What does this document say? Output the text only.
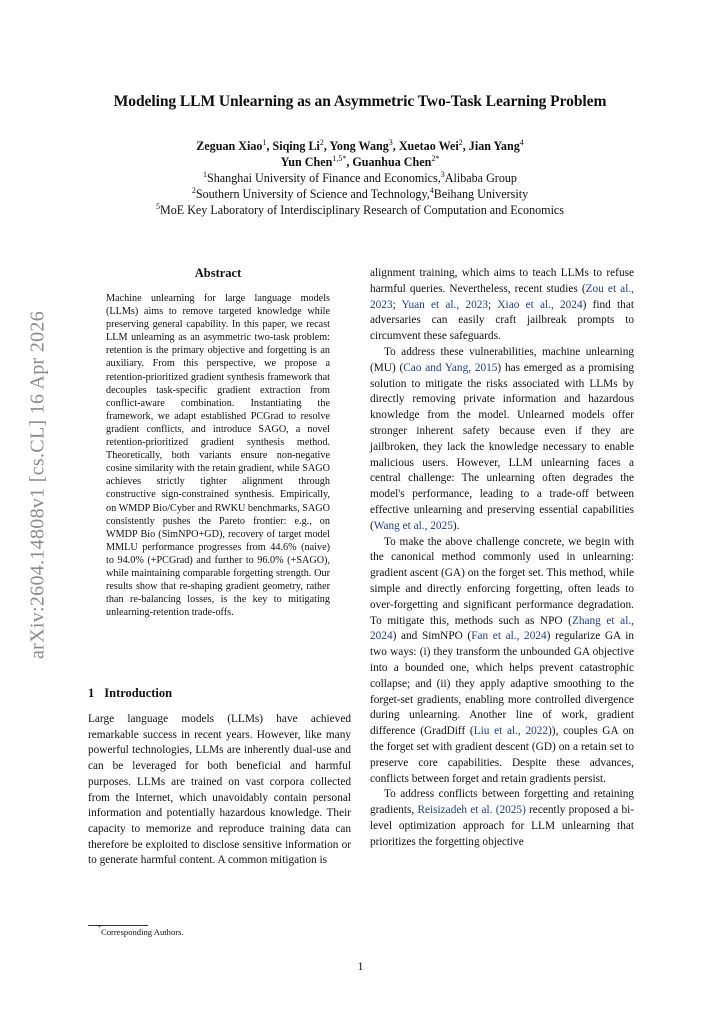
arXiv:2604.14808v1 [cs.CL] 16 Apr 2026
Modeling LLM Unlearning as an Asymmetric Two-Task Learning Problem
Zeguan Xiao$^1$, Siqing Li$^2$, Yong Wang$^3$, Xuetao Wei$^2$, Jian Yang$^4$
Yun Chen$^{1,5*}$, Guanhua Chen$^{2*}$
$^1$Shanghai University of Finance and Economics,$^3$Alibaba Group
$^2$Southern University of Science and Technology,$^4$Beihang University
$^5$MoE Key Laboratory of Interdisciplinary Research of Computation and Economics
Abstract
Machine unlearning for large language models (LLMs) aims to remove targeted knowledge while preserving general capability. In this paper, we recast LLM unlearning as an asymmetric two-task problem: retention is the primary objective and forgetting is an auxiliary. From this perspective, we propose a retention-prioritized gradient synthesis framework that decouples task-specific gradient extraction from conflict-aware combination. Instantiating the framework, we adapt established PCGrad to resolve gradient conflicts, and introduce SAGO, a novel retention-prioritized gradient synthesis method. Theoretically, both variants ensure non-negative cosine similarity with the retain gradient, while SAGO achieves strictly tighter alignment through constructive sign-constrained synthesis. Empirically, on WMDP Bio/Cyber and RWKU benchmarks, SAGO consistently pushes the Pareto frontier: e.g., on WMDP Bio (SimNPO+GD), recovery of target model MMLU performance progresses from 44.6% (naive) to 94.0% (+PCGrad) and further to 96.0% (+SAGO), while maintaining comparable forgetting strength. Our results show that re-shaping gradient geometry, rather than re-balancing losses, is the key to mitigating unlearning-retention trade-offs.
1 Introduction

Large language models (LLMs) have achieved remarkable success in recent years. However, like many powerful technologies, LLMs are inherently dual-use and can be leveraged for both beneficial and harmful purposes. LLMs are trained on vast corpora collected from the Internet, which unavoidably contain personal information and potentially hazardous knowledge. Their capacity to memorize and reproduce training data can therefore be exploited to disclose sensitive information or to generate harmful content. A common mitigation is

alignment training, which aims to teach LLMs to refuse harmful queries. Nevertheless, recent studies (Zou et al., 2023; Yuan et al., 2023; Xiao et al., 2024) find that adversaries can easily craft jailbreak prompts to circumvent these safeguards.

To address these vulnerabilities, machine unlearning (MU) (Cao and Yang, 2015) has emerged as a promising solution to mitigate the risks associated with LLMs by directly removing private information and hazardous knowledge from the model. Unlearned models offer stronger inherent safety because even if they are jailbroken, they lack the knowledge necessary to enable malicious users. However, LLM unlearning faces a central challenge: The unlearning often degrades the model's performance, leading to a trade-off between effective unlearning and preserving essential capabilities (Wang et al., 2025).

To make the above challenge concrete, we begin with the canonical method commonly used in unlearning: gradient ascent (GA) on the forget set. This method, while simple and directly enforcing forgetting, often leads to over-forgetting and significant performance degradation. To mitigate this, methods such as NPO (Zhang et al., 2024) and SimNPO (Fan et al., 2024) regularize GA in two ways: (i) they transform the unbounded GA objective into a bounded one, which helps prevent catastrophic collapse; and (ii) they apply adaptive smoothing to the forget-set gradients, enabling more controlled divergence during unlearning. Another line of work, gradient difference (GradDiff (Liu et al., 2022)), couples GA on the forget set with gradient descent (GD) on a retain set to preserve core capabilities. Despite these advances, conflicts between forget and retain gradients persist.

To address conflicts between forgetting and retaining gradients, Reisizadeh et al. (2025) recently proposed a bi-level optimization approach for LLM unlearning that prioritizes the forgetting objective

*Corresponding Authors.
1
